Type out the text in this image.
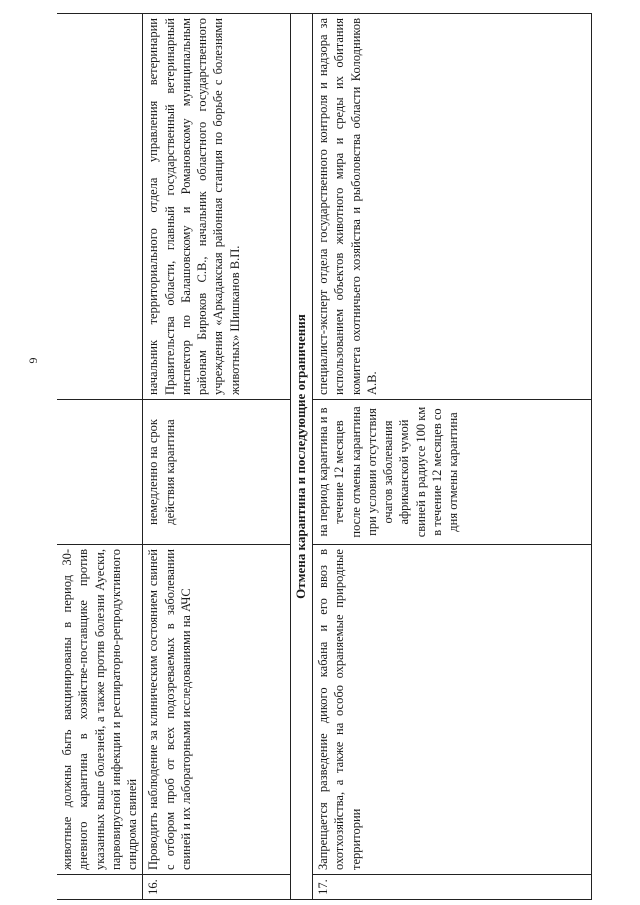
6
	животные должны быть вакцинированы в период 30-дневного карантина в хозяйстве-поставщике против указанных выше болезней, а также против болезни Ауески, парвовирусной инфекции и респираторно-репродуктивного синдрома свиней		
16.	Проводить наблюдение за клиническим состоянием свиней с отбором проб от всех подозреваемых в заболевании свиней и их лабораторными исследованиями на АЧС	немедленно на срок действия карантина	начальник территориального отдела управления ветеринарии Правительства области, главный государственный ветеринарный инспектор по Балашовскому и Романовскому муниципальным районам Бирюков С.В., начальник областного государственного учреждения «Аркадакская районная станция по борьбе с болезнями животных» Шишканов В.П.
Отмена карантина и последующие ограничения			
17.	Запрещается разведение дикого кабана и его ввоз в охотхозяйства, а также на особо охраняемые природные территории	на период карантина и в течение 12 месяцев после отмены карантина при условии отсутствия очагов заболевания африканской чумой свиней в радиусе 100 км в течение 12 месяцев со дня отмены карантина	специалист-эксперт отдела государственного контроля и надзора за использованием объектов животного мира и среды их обитания комитета охотничьего хозяйства и рыболовства области Колодников А.В.
